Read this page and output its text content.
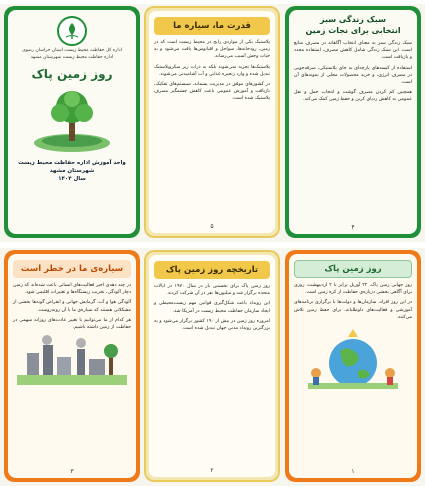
اداره کل حفاظت محیط زیست استان خراسان رضوی
اداره حفاظت محیط زیست شهرستان مشهد
روز زمین پاک
واحد آموزش اداره حفاظت محیط زیست
شهرستان مشهد
سال ۱۴۰۴
قدرت ما، سیاره ما

پلاستیک یکی از مواردی رایج در محیط زیست است که در زمین، رودخانه‌ها، سواحل و اقیانوس‌ها یافت می‌شود و به حیات وحش آسیب می‌رساند.

پلاستیک‌ها تجزیه نمی‌شوند بلکه به ذرات ریز میکروپلاستیک تبدیل شده و وارد زنجیره غذایی و آب آشامیدنی می‌شوند.

در کشورهای موفق در مدیریت پسماند، سیستم‌های تفکیک، بازیافت و آموزش عمومی باعث کاهش چشمگیر مصرف پلاستیک شده است.

۵
سبک زندگی سبز
انتخابی برای نجات زمین

سبک زندگی سبز به معنای انتخاب آگاهانه در مصرف منابع است. این سبک زندگی شامل کاهش مصرف، استفاده مجدد و بازیافت است.

استفاده از کیسه‌های پارچه‌ای به جای پلاستیکی، صرفه‌جویی در مصرف انرژی، و خرید محصولات محلی از نمونه‌های آن است.

همچنین کم کردن مصرف گوشت و انتخاب حمل و نقل عمومی به کاهش ردپای کربن و حفظ زمین کمک می‌کند.

۴
سیاره‌ی ما در خطر است

در چند دهه‌ی اخیر فعالیت‌های انسانی باعث شده‌اند که زمین دچار آلودگی، تخریب زیستگاه‌ها و تغییرات اقلیمی شود.

آلودگی هوا و آب، گرمایش جهانی و انقراض گونه‌ها بخشی از مشکلاتی هستند که سیاره‌ی ما با آن روبه‌روست.

هر کدام از ما می‌توانیم با تغییر عادت‌های روزانه سهمی در حفاظت از زمین داشته باشیم.

۳
تاریخچه روز زمین پاک

روز زمین پاک برای نخستین بار در سال ۱۹۷۰ در ایالات متحده برگزار شد و میلیون‌ها نفر در آن شرکت کردند.

این رویداد باعث شکل‌گیری قوانین مهم زیست‌محیطی و ایجاد سازمان حفاظت محیط زیست در آمریکا شد.

امروزه روز زمین در بیش از ۱۹۰ کشور برگزار می‌شود و به بزرگترین رویداد مدنی جهان تبدیل شده است.

۲
روز زمین پاک

روز جهانی زمین پاک، ۲۲ آوریل برابر با ۲ اردیبهشت، روزی برای آگاهی بخشی درباره‌ی حفاظت از کره زمین است.

در این روز افراد، سازمان‌ها و دولت‌ها با برگزاری برنامه‌های آموزشی و فعالیت‌های داوطلبانه، برای حفظ زمین تلاش می‌کنند.

۱
